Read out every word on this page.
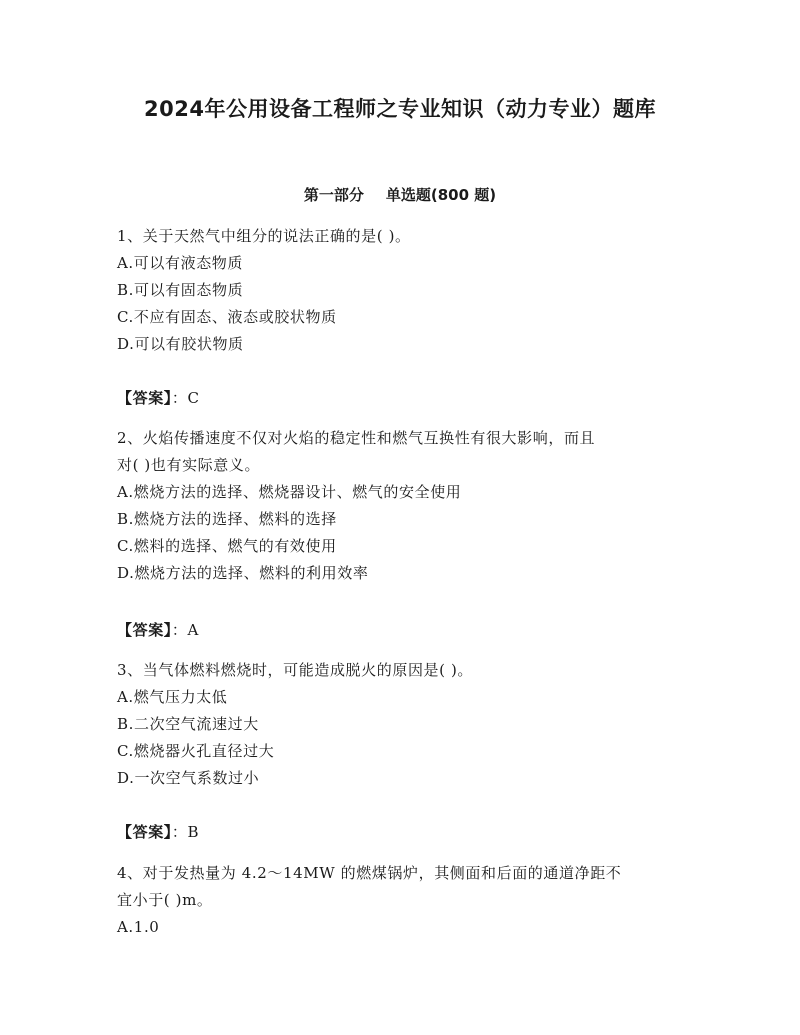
2024年公用设备工程师之专业知识（动力专业）题库
第一部分 单选题(800 题)
1、关于天然气中组分的说法正确的是( )。
A.可以有液态物质
B.可以有固态物质
C.不应有固态、液态或胶状物质
D.可以有胶状物质
【答案】：C
2、火焰传播速度不仅对火焰的稳定性和燃气互换性有很大影响，而且
对( )也有实际意义。
A.燃烧方法的选择、燃烧器设计、燃气的安全使用
B.燃烧方法的选择、燃料的选择
C.燃料的选择、燃气的有效使用
D.燃烧方法的选择、燃料的利用效率
【答案】：A
3、当气体燃料燃烧时，可能造成脱火的原因是( )。
A.燃气压力太低
B.二次空气流速过大
C.燃烧器火孔直径过大
D.一次空气系数过小
【答案】：B
4、对于发热量为 4.2～14MW 的燃煤锅炉，其侧面和后面的通道净距不
宜小于( )m。
A.1.0
